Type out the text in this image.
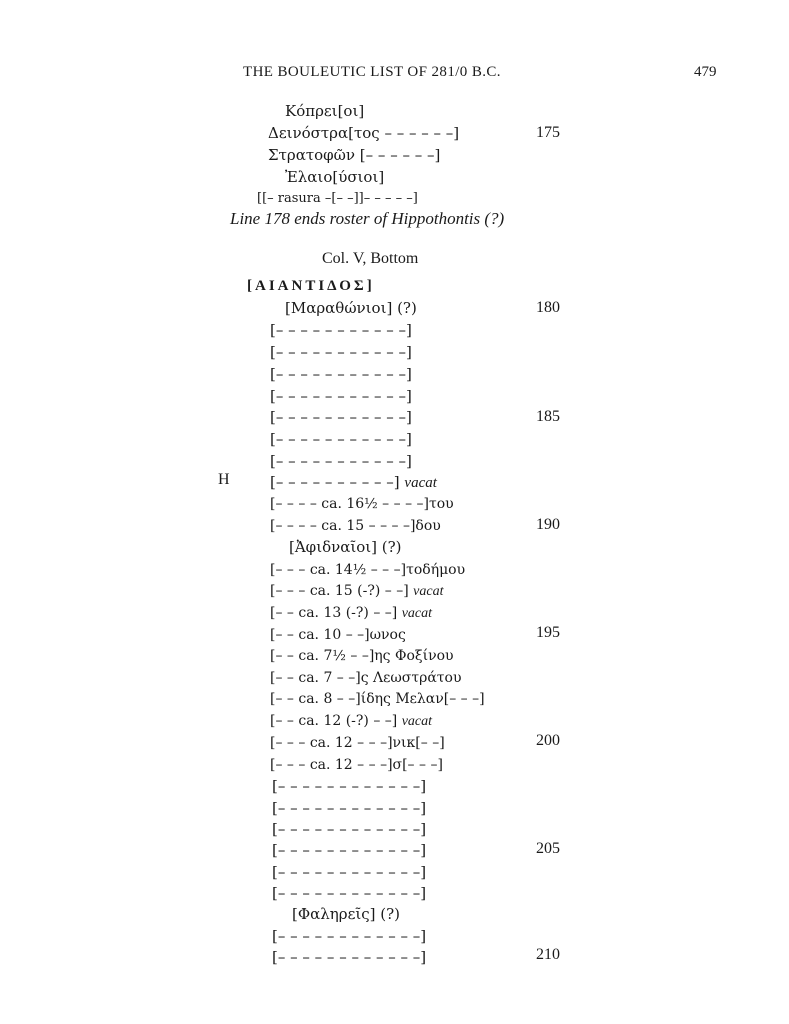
THE BOULEUTIC LIST OF 281/0 B.C.	479
Κόπρει[οι]
Δεινόστρα[τος – – – – – –]	175
Στρατοφῶν [– – – – – –]
Ἐλαιο[ύσιοι]
[[– rasura –[– –]]– – – – –]
Line 178 ends roster of Hippothontis (?)
Col. V, Bottom
[ΑΙΑΝΤΙΔΟΣ]
[Μαραθώνιοι] (?)	180
[– – – – – – – – – – –]
[– – – – – – – – – – –]
[– – – – – – – – – – –]
[– – – – – – – – – – –]
[– – – – – – – – – – –]	185
[– – – – – – – – – – –]
[– – – – – – – – – – –]
H	[– – – – – – – – – –] vacat
[– – – – ca. 16½ – – – –]του
[– – – – ca. 15 – – – –]δου	190
[Ἀφιδναῖοι] (?)
[– – – ca. 14½ – – –]τοδήμου
[– – – ca. 15 (-?) – –] vacat
[– – ca. 13 (-?) – –] vacat
[– – ca. 10 – –]ωνος	195
[– – ca. 7½ – –]ης Φοξίνου
[– – ca. 7 – –]ς Λεωστράτου
[– – ca. 8 – –]ίδης Μελαν[– – –]
[– – ca. 12 (-?) – –] vacat
[– – – ca. 12 – – –]νικ[– –]	200
[– – – ca. 12 – – –]σ[– – –]
[– – – – – – – – – – – –]
[– – – – – – – – – – – –]
[– – – – – – – – – – – –]
[– – – – – – – – – – – –]	205
[– – – – – – – – – – – –]
[– – – – – – – – – – – –]
[Φαληρεῖς] (?)
[– – – – – – – – – – – –]
[– – – – – – – – – – – –]	210
